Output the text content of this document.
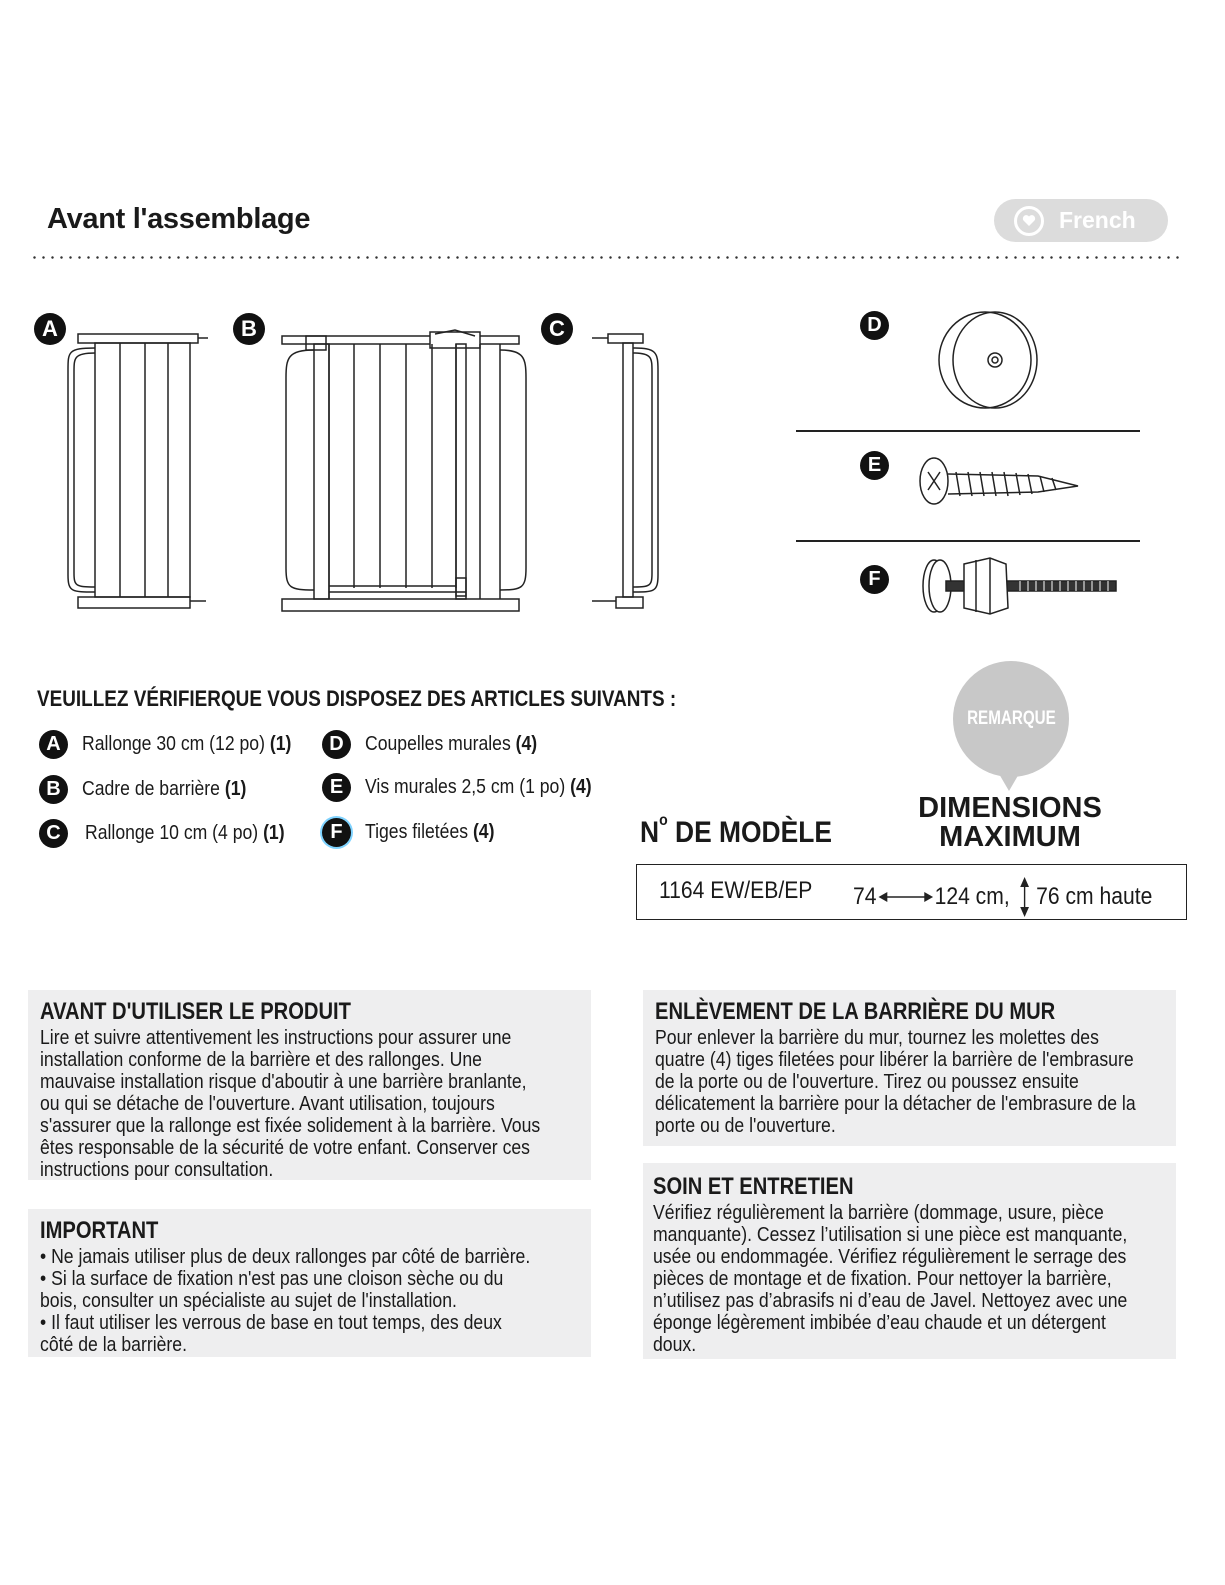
Avant l'assemblage	French
A	B	C	D
E
F
VEUILLEZ VÉRIFIERQUE VOUS DISPOSEZ DES ARTICLES SUIVANTS :
A	Rallonge 30 cm (12 po) (1)
B	Cadre de barrière (1)
C	Rallonge 10 cm (4 po) (1)
D	Coupelles murales (4)
E	Vis murales 2,5 cm (1 po) (4)
F	Tiges filetées (4)
REMARQUE
DIMENSIONS
MAXIMUM
$N^o$ DE MODÈLE
1164 EW/EB/EP 74 124 cm, 76 cm haute
AVANT D'UTILISER LE PRODUIT
Lire et suivre attentivement les instructions pour assurer une
installation conforme de la barrière et des rallonges. Une
mauvaise installation risque d'aboutir à une barrière branlante,
ou qui se détache de l'ouverture. Avant utilisation, toujours
s'assurer que la rallonge est fixée solidement à la barrière. Vous
êtes responsable de la sécurité de votre enfant. Conserver ces
instructions pour consultation.
IMPORTANT
• Ne jamais utiliser plus de deux rallonges par côté de barrière.
• Si la surface de fixation n'est pas une cloison sèche ou du
bois, consulter un spécialiste au sujet de l'installation.
• Il faut utiliser les verrous de base en tout temps, des deux
côté de la barrière.
ENLÈVEMENT DE LA BARRIÈRE DU MUR
Pour enlever la barrière du mur, tournez les molettes des
quatre (4) tiges filetées pour libérer la barrière de l'embrasure
de la porte ou de l'ouverture. Tirez ou poussez ensuite
délicatement la barrière pour la détacher de l'embrasure de la
porte ou de l'ouverture.
SOIN ET ENTRETIEN
Vérifiez régulièrement la barrière (dommage, usure, pièce
manquante). Cessez l’utilisation si une pièce est manquante,
usée ou endommagée. Vérifiez régulièrement le serrage des
pièces de montage et de fixation. Pour nettoyer la barrière,
n’utilisez pas d’abrasifs ni d’eau de Javel. Nettoyez avec une
éponge légèrement imbibée d’eau chaude et un détergent
doux.
